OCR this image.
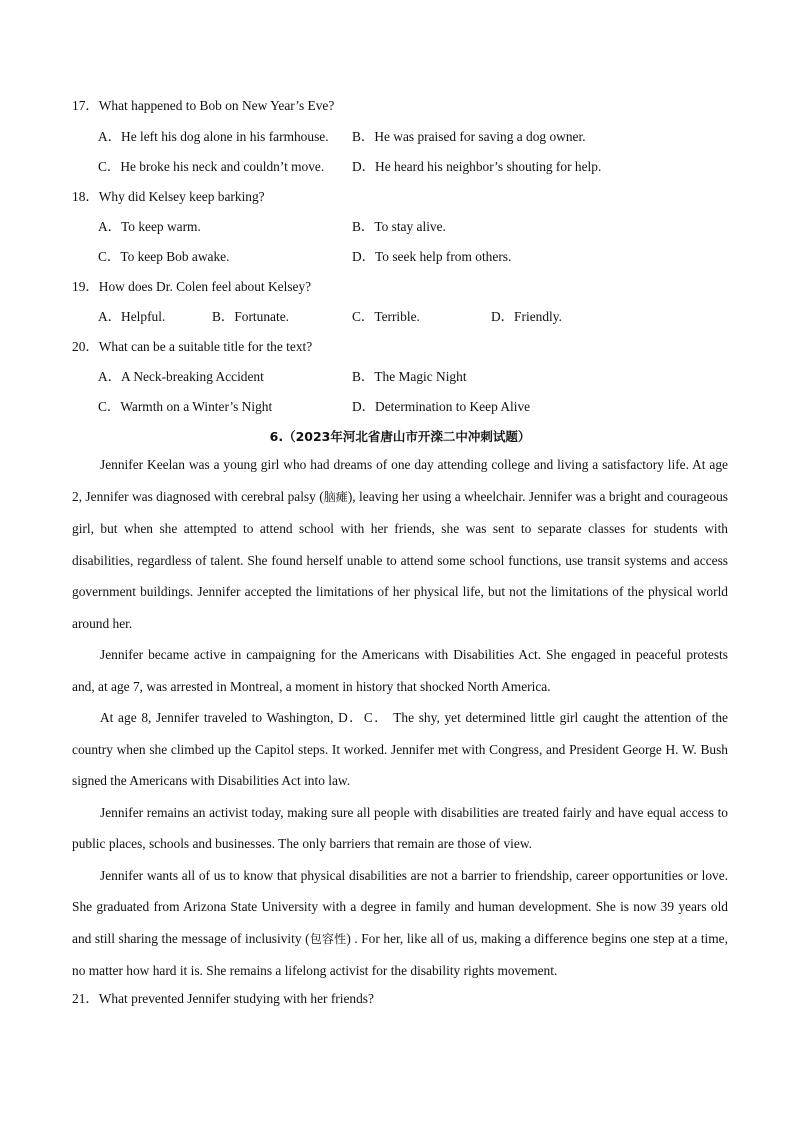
17．What happened to Bob on New Year’s Eve?
A．He left his dog alone in his farmhouse. B．He was praised for saving a dog owner.
C．He broke his neck and couldn’t move. D．He heard his neighbor’s shouting for help.
18．Why did Kelsey keep barking?
A．To keep warm.	B．To stay alive.
C．To keep Bob awake.	D．To seek help from others.
19．How does Dr. Colen feel about Kelsey?
A．Helpful.	B．Fortunate.	C．Terrible.	D．Friendly.
20．What can be a suitable title for the text?
A．A Neck-breaking Accident	B．The Magic Night
C．Warmth on a Winter’s Night	D．Determination to Keep Alive
6.（2023年河北省唐山市开滦二中冲刺试题）

Jennifer Keelan was a young girl who had dreams of one day attending college and living a satisfactory life. At age 2, Jennifer was diagnosed with cerebral palsy (脑瘫), leaving her using a wheelchair. Jennifer was a bright and courageous girl, but when she attempted to attend school with her friends, she was sent to separate classes for students with disabilities, regardless of talent. She found herself unable to attend some school functions, use transit systems and access government buildings. Jennifer accepted the limitations of her physical life, but not the limitations of the physical world around her.

Jennifer became active in campaigning for the Americans with Disabilities Act. She engaged in peaceful protests and, at age 7, was arrested in Montreal, a moment in history that shocked North America.

At age 8, Jennifer traveled to Washington, D．C． The shy, yet determined little girl caught the attention of the country when she climbed up the Capitol steps. It worked. Jennifer met with Congress, and President George H. W. Bush signed the Americans with Disabilities Act into law.

Jennifer remains an activist today, making sure all people with disabilities are treated fairly and have equal access to public places, schools and businesses. The only barriers that remain are those of view.

Jennifer wants all of us to know that physical disabilities are not a barrier to friendship, career opportunities or love. She graduated from Arizona State University with a degree in family and human development. She is now 39 years old and still sharing the message of inclusivity (包容性) . For her, like all of us, making a difference begins one step at a time, no matter how hard it is. She remains a lifelong activist for the disability rights movement.

21．What prevented Jennifer studying with her friends?
